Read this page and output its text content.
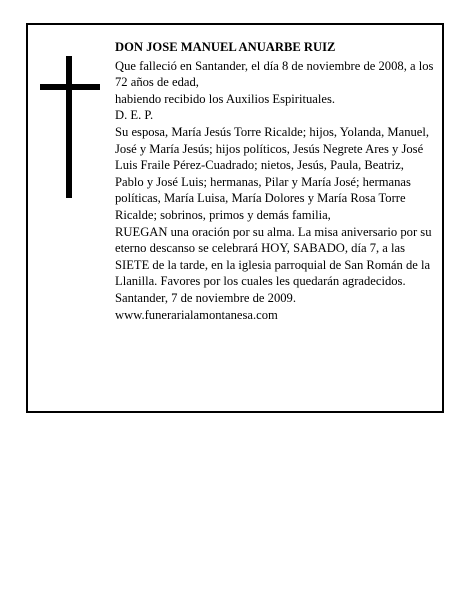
DON JOSE MANUEL ANUARBE RUIZ

Que falleció en Santander, el día 8 de noviembre de 2008, a los 72 años de edad,

habiendo recibido los Auxilios Espirituales.

D. E. P.

Su esposa, María Jesús Torre Ricalde; hijos, Yolanda, Manuel, José y María Jesús; hijos políticos, Jesús Negrete Ares y José Luis Fraile Pérez-Cuadrado; nietos, Jesús, Paula, Beatriz, Pablo y José Luis; hermanas, Pilar y María José; hermanas políticas, María Luisa, María Dolores y María Rosa Torre Ricalde; sobrinos, primos y demás familia,

RUEGAN una oración por su alma. La misa aniversario por su eterno descanso se celebrará HOY, SABADO, día 7, a las SIETE de la tarde, en la iglesia parroquial de San Román de la Llanilla. Favores por los cuales les quedarán agradecidos.

Santander, 7 de noviembre de 2009.

www.funerarialamontanesa.com
